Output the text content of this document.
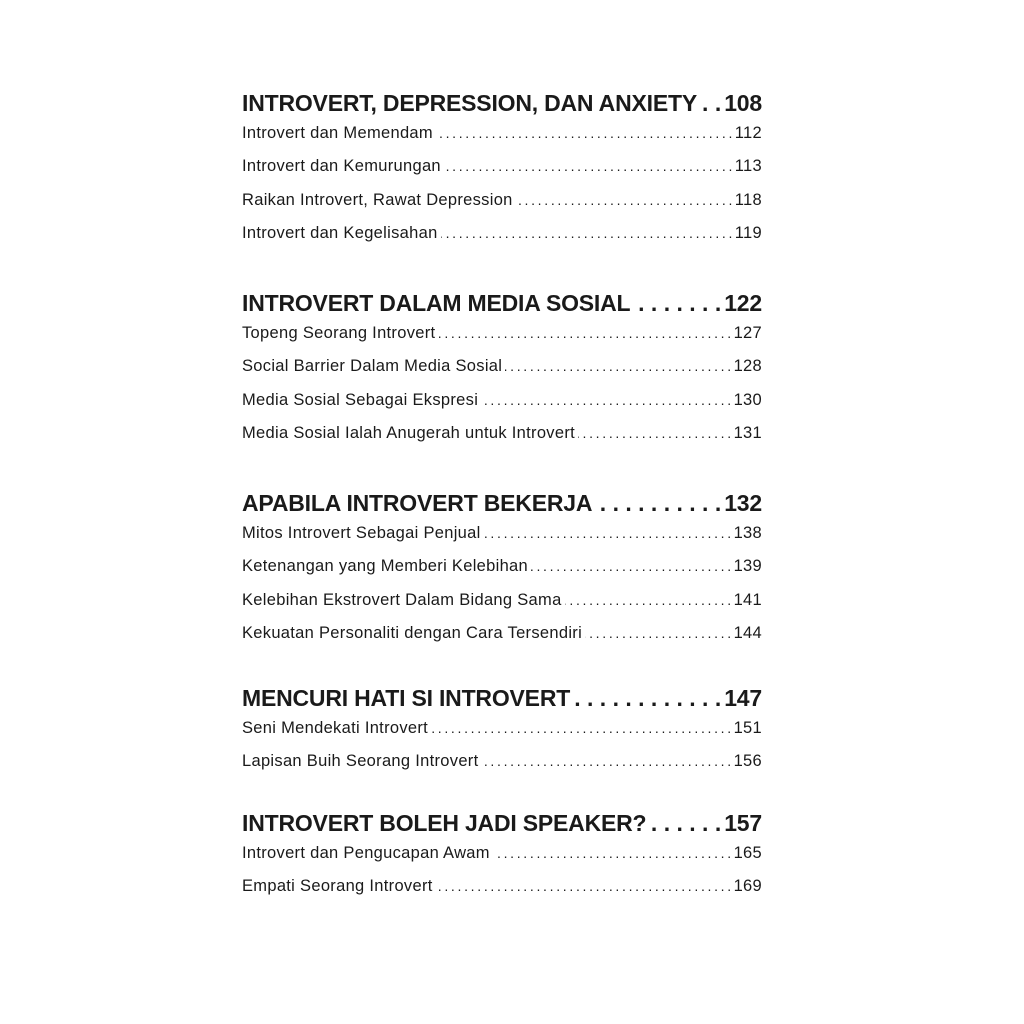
INTROVERT, DEPRESSION, DAN ANXIETY . . . 108
Introvert dan Memendam . . .	112
Introvert dan Kemurungan . . .	113
Raikan Introvert, Rawat Depression . . .	118
Introvert dan Kegelisahan . . .	119
INTROVERT DALAM MEDIA SOSIAL . . .	122
Topeng Seorang Introvert . . .	127
Social Barrier Dalam Media Sosial . . .	128
Media Sosial Sebagai Ekspresi . . .	130
Media Sosial Ialah Anugerah untuk Introvert . . .	131
APABILA INTROVERT BEKERJA . . .	132
Mitos Introvert Sebagai Penjual . . .	138
Ketenangan yang Memberi Kelebihan . . .	139
Kelebihan Ekstrovert Dalam Bidang Sama . . .	141
Kekuatan Personaliti dengan Cara Tersendiri . . .	144
MENCURI HATI SI INTROVERT . . .	147
Seni Mendekati Introvert . . .	151
Lapisan Buih Seorang Introvert . . .	156
INTROVERT BOLEH JADI SPEAKER? . . .	157
Introvert dan Pengucapan Awam . . .	165
Empati Seorang Introvert . . .	169
